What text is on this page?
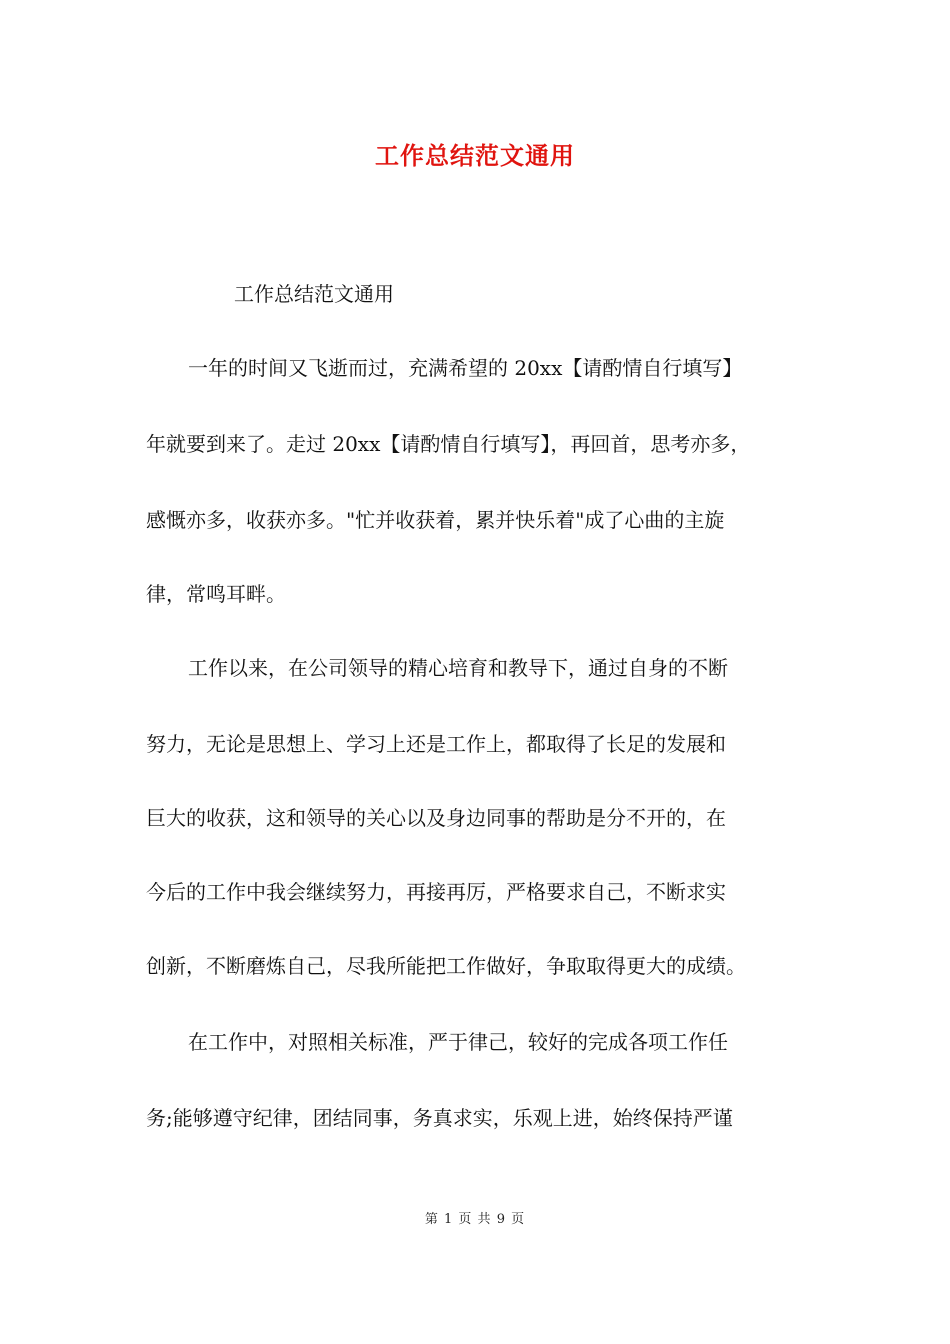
工作总结范文通用
工作总结范文通用
一年的时间又飞逝而过，充满希望的 20xx【请酌情自行填写】
年就要到来了。走过 20xx【请酌情自行填写】，再回首，思考亦多，
感慨亦多，收获亦多。"忙并收获着，累并快乐着"成了心曲的主旋
律，常鸣耳畔。
工作以来，在公司领导的精心培育和教导下，通过自身的不断
努力，无论是思想上、学习上还是工作上，都取得了长足的发展和
巨大的收获，这和领导的关心以及身边同事的帮助是分不开的，在
今后的工作中我会继续努力，再接再厉，严格要求自己，不断求实
创新，不断磨炼自己，尽我所能把工作做好，争取取得更大的成绩。
在工作中，对照相关标准，严于律己，较好的完成各项工作任
务;能够遵守纪律，团结同事，务真求实，乐观上进，始终保持严谨
第 1 页 共 9 页
